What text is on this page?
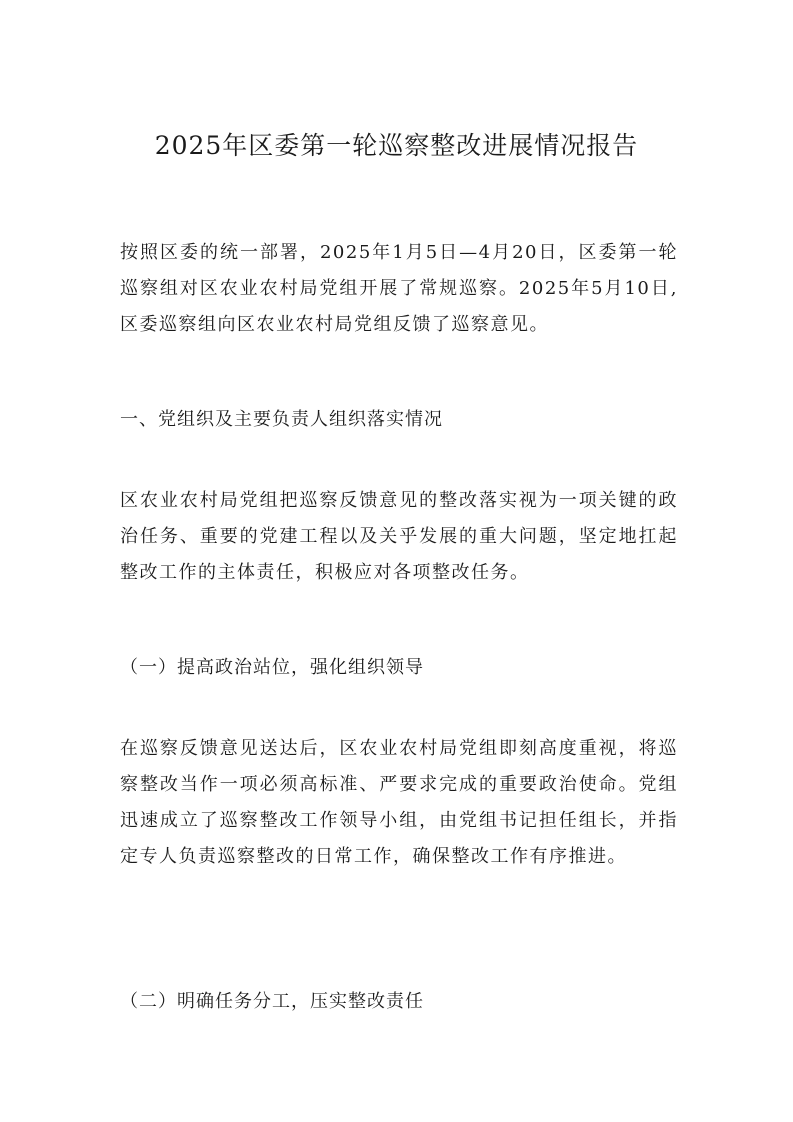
2025年区委第一轮巡察整改进展情况报告

按照区委的统一部署，2025年1月5日—4月20日，区委第一轮巡察组对区农业农村局党组开展了常规巡察。2025年5月10日,区委巡察组向区农业农村局党组反馈了巡察意见。

一、党组织及主要负责人组织落实情况

区农业农村局党组把巡察反馈意见的整改落实视为一项关键的政治任务、重要的党建工程以及关乎发展的重大问题，坚定地扛起整改工作的主体责任，积极应对各项整改任务。

（一）提高政治站位，强化组织领导

在巡察反馈意见送达后，区农业农村局党组即刻高度重视，将巡察整改当作一项必须高标准、严要求完成的重要政治使命。党组迅速成立了巡察整改工作领导小组，由党组书记担任组长，并指定专人负责巡察整改的日常工作，确保整改工作有序推进。

（二）明确任务分工，压实整改责任
